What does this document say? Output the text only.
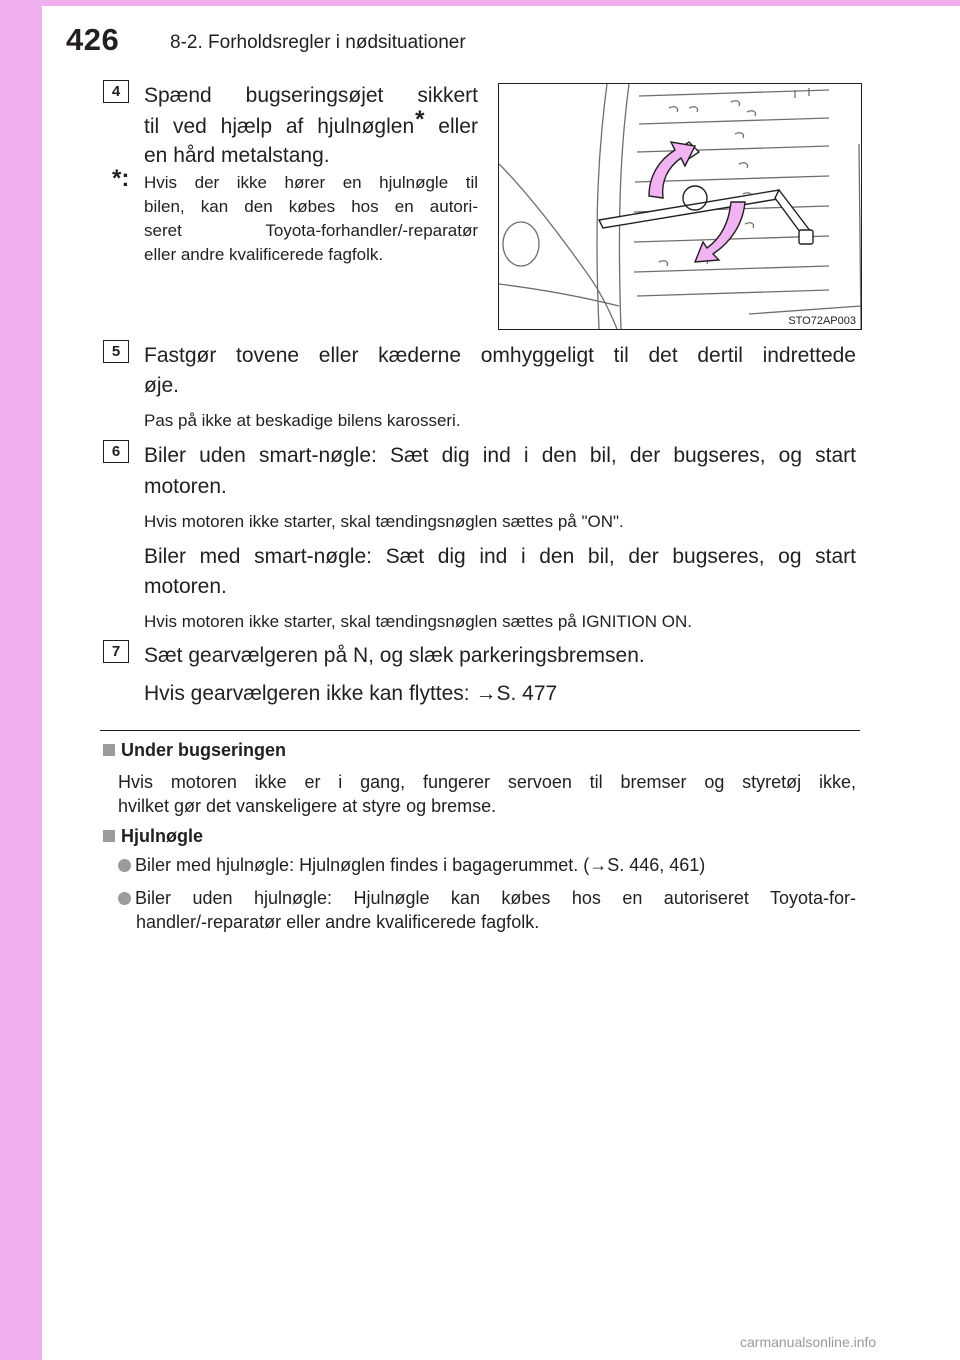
426	8-2. Forholdsregler i nødsituationer
4	Spænd bugseringsøjet sikkert
til ved hjælp af hjulnøglen* eller
en hård metalstang.
*: Hvis der ikke hører en hjulnøgle til
bilen, kan den købes hos en autori-
seret Toyota-forhandler/-reparatør
eller andre kvalificerede fagfolk.
STO72AP003
5	Fastgør tovene eller kæderne omhyggeligt til det dertil indrettede
øje.
Pas på ikke at beskadige bilens karosseri.
6	Biler uden smart-nøgle: Sæt dig ind i den bil, der bugseres, og start
motoren.
Hvis motoren ikke starter, skal tændingsnøglen sættes på "ON".
Biler med smart-nøgle: Sæt dig ind i den bil, der bugseres, og start
motoren.
Hvis motoren ikke starter, skal tændingsnøglen sættes på IGNITION ON.
7	Sæt gearvælgeren på N, og slæk parkeringsbremsen.
Hvis gearvælgeren ikke kan flyttes: →S. 477
Under bugseringen
Hvis motoren ikke er i gang, fungerer servoen til bremser og styretøj ikke,
hvilket gør det vanskeligere at styre og bremse.
Hjulnøgle
Biler med hjulnøgle: Hjulnøglen findes i bagagerummet. (→S. 446, 461)
Biler uden hjulnøgle: Hjulnøgle kan købes hos en autoriseret Toyota-for-
handler/-reparatør eller andre kvalificerede fagfolk.
carmanualsonline.info
